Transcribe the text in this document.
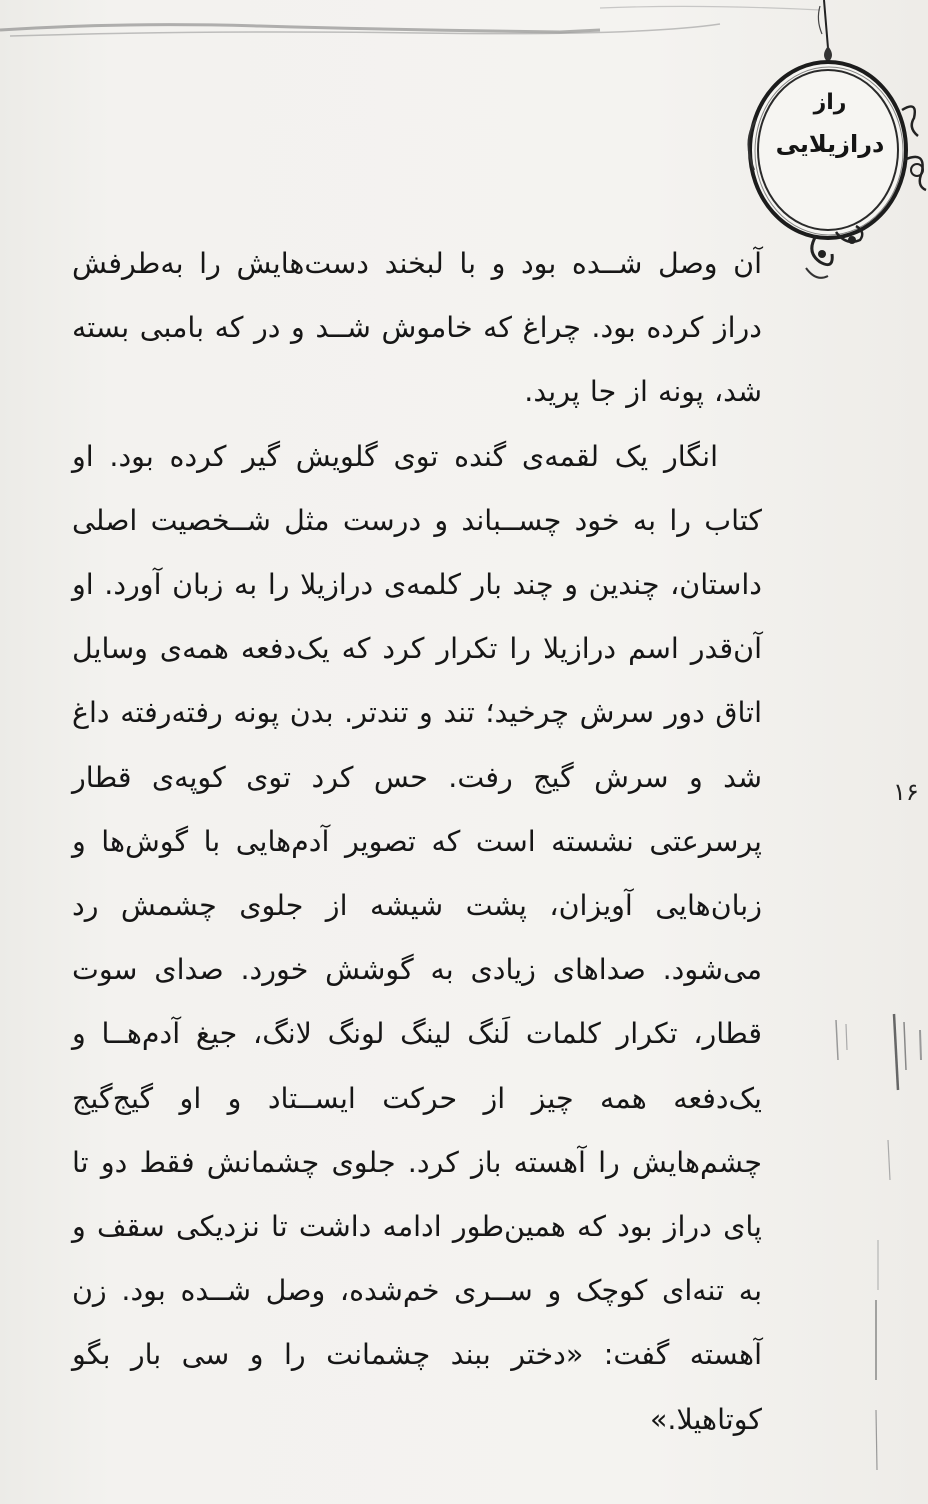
راز
درازیلایی

آن وصل شــده بود و با لبخند دست‌هایش را به‌طرفش دراز کرده بود. چراغ که خاموش شــد و در که بامبی بسته شد، پونه از جا پرید.

انگار یک لقمه‌ی گنده توی گلویش گیر کرده بود. او کتاب را به خود چســباند و درست مثل شــخصیت اصلی داستان، چندین و چند بار کلمه‌ی درازیلا را به زبان آورد. او آن‌قدر اسم درازیلا را تکرار کرد که یک‌دفعه همه‌ی وسایل اتاق دور سرش چرخید؛ تند و تندتر. بدن پونه رفته‌رفته داغ شد و سرش گیج رفت. حس کرد توی کوپه‌ی قطار پرسرعتی نشسته است که تصویر آدم‌هایی با گوش‌ها و زبان‌هایی آویزان، پشت شیشه از جلوی چشمش رد می‌شود. صداهای زیادی به گوشش خورد. صدای سوت قطار، تکرار کلمات لَنگ لینگ لونگ لانگ، جیغ آدم‌هــا و یک‌دفعه همه چیز از حرکت ایســتاد و او گیج‌گیج چشم‌هایش را آهسته باز کرد. جلوی چشمانش فقط دو تا پای دراز بود که همین‌طور ادامه داشت تا نزدیکی سقف و به تنه‌ای کوچک و ســری خم‌شده، وصل شــده بود. زن آهسته گفت: «دختر ببند چشمانت را و سی بار بگو کوتاهیلا.»

۱۶
